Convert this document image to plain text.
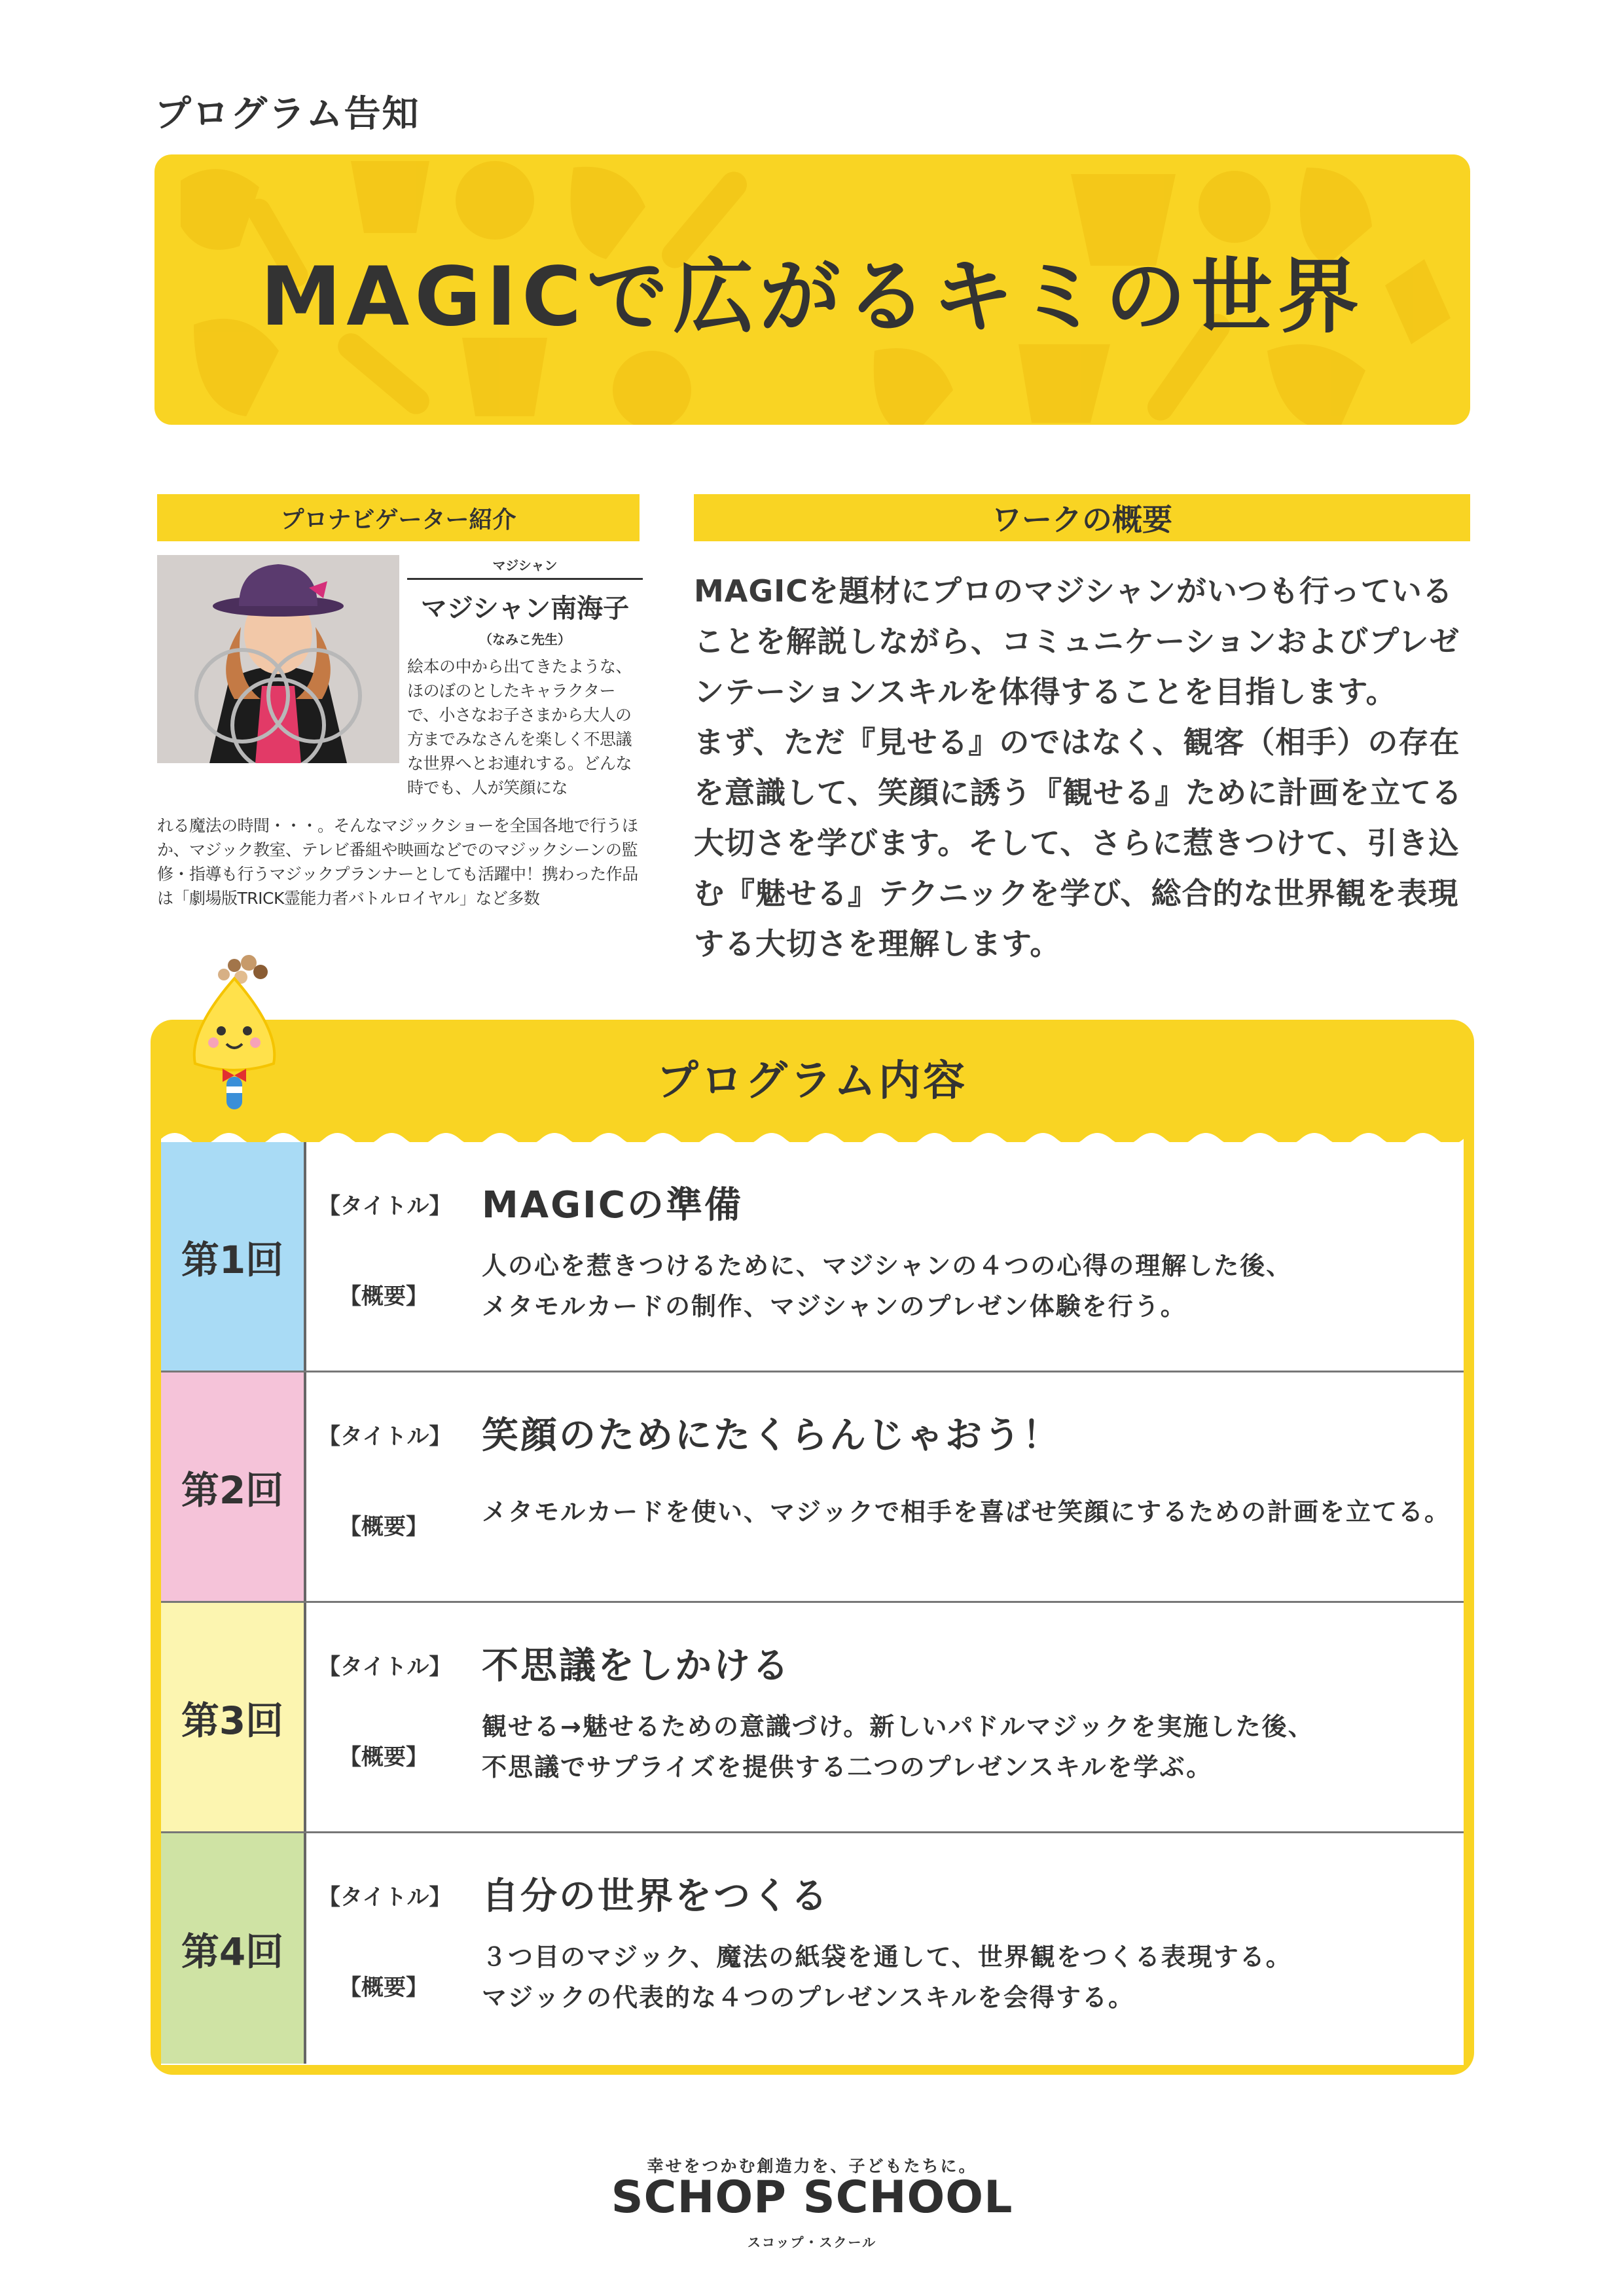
プログラム告知
MAGICで広がるキミの世界
プロナビゲーター紹介	ワークの概要
マジシャン
マジシャン南海子
（なみこ先生）
絵本の中から出てきたような、ほのぼのとしたキャラクターで、小さなお子さまから大人の方までみなさんを楽しく不思議な世界へとお連れする。どんな時でも、人が笑顔にな
れる魔法の時間・・・。そんなマジックショーを全国各地で行うほか、マジック教室、テレビ番組や映画などでのマジックシーンの監修・指導も行うマジックプランナーとしても活躍中！携わった作品は「劇場版TRICK霊能力者バトルロイヤル」など多数

MAGICを題材にプロのマジシャンがいつも行っていることを解説しながら、コミュニケーションおよびプレゼンテーションスキルを体得することを目指します。

まず、ただ『見せる』のではなく、観客（相手）の存在を意識して、笑顔に誘う『観せる』ために計画を立てる大切さを学びます。そして、さらに惹きつけて、引き込む『魅せる』テクニックを学び、総合的な世界観を表現する大切さを理解します。

プログラム内容
第1回
【タイトル】 MAGICの準備
【概要】
人の心を惹きつけるために、マジシャンの４つの心得の理解した後、
メタモルカードの制作、マジシャンのプレゼン体験を行う。
第2回
【タイトル】 笑顔のためにたくらんじゃおう！
【概要】
メタモルカードを使い、マジックで相手を喜ばせ笑顔にするための計画を立てる。
第3回
【タイトル】 不思議をしかける
【概要】
観せる→魅せるための意識づけ。新しいパドルマジックを実施した後、
不思議でサプライズを提供する二つのプレゼンスキルを学ぶ。
第4回
【タイトル】 自分の世界をつくる
【概要】
３つ目のマジック、魔法の紙袋を通して、世界観をつくる表現する。
マジックの代表的な４つのプレゼンスキルを会得する。
幸せをつかむ創造力を、子どもたちに。
SCHOP SCHOOL
スコップ・スクール
